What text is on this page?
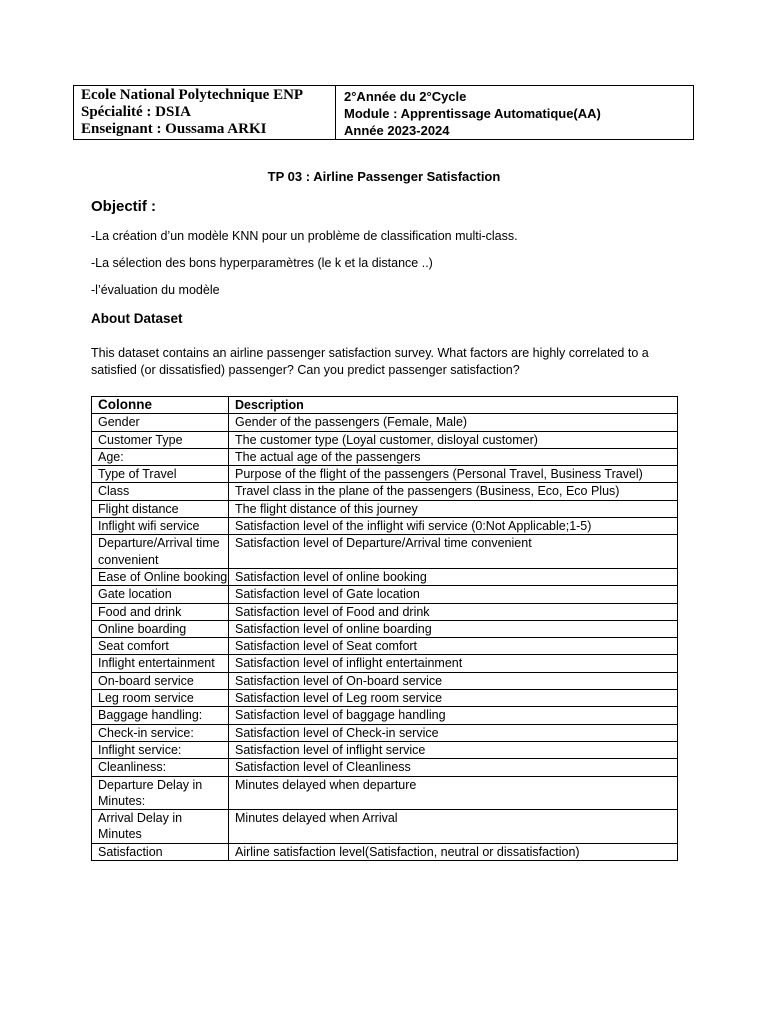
Ecole National Polytechnique ENP
Spécialité : DSIA
Enseignant : Oussama ARKI
2°Année du 2°Cycle
Module : Apprentissage Automatique(AA)
Année 2023-2024
TP 03 : Airline Passenger Satisfaction
Objectif :
-La création d’un modèle KNN pour un problème de classification multi-class.
-La sélection des bons hyperparamètres (le k et la distance ..)
-l’évaluation du modèle
About Dataset
This dataset contains an airline passenger satisfaction survey. What factors are highly correlated to a satisfied (or dissatisfied) passenger? Can you predict passenger satisfaction?
Colonne	Description
Gender	Gender of the passengers (Female, Male)
Customer Type	The customer type (Loyal customer, disloyal customer)
Age:	The actual age of the passengers
Type of Travel	Purpose of the flight of the passengers (Personal Travel, Business Travel)
Class	Travel class in the plane of the passengers (Business, Eco, Eco Plus)
Flight distance	The flight distance of this journey
Inflight wifi service	Satisfaction level of the inflight wifi service (0:Not Applicable;1-5)
Departure/Arrival time convenient	Satisfaction level of Departure/Arrival time convenient
Ease of Online booking	Satisfaction level of online booking
Gate location	Satisfaction level of Gate location
Food and drink	Satisfaction level of Food and drink
Online boarding	Satisfaction level of online boarding
Seat comfort	Satisfaction level of Seat comfort
Inflight entertainment	Satisfaction level of inflight entertainment
On-board service	Satisfaction level of On-board service
Leg room service	Satisfaction level of Leg room service
Baggage handling:	Satisfaction level of baggage handling
Check-in service:	Satisfaction level of Check-in service
Inflight service:	Satisfaction level of inflight service
Cleanliness:	Satisfaction level of Cleanliness
Departure Delay in Minutes:	Minutes delayed when departure
Arrival Delay in Minutes	Minutes delayed when Arrival
Satisfaction	Airline satisfaction level(Satisfaction, neutral or dissatisfaction)
